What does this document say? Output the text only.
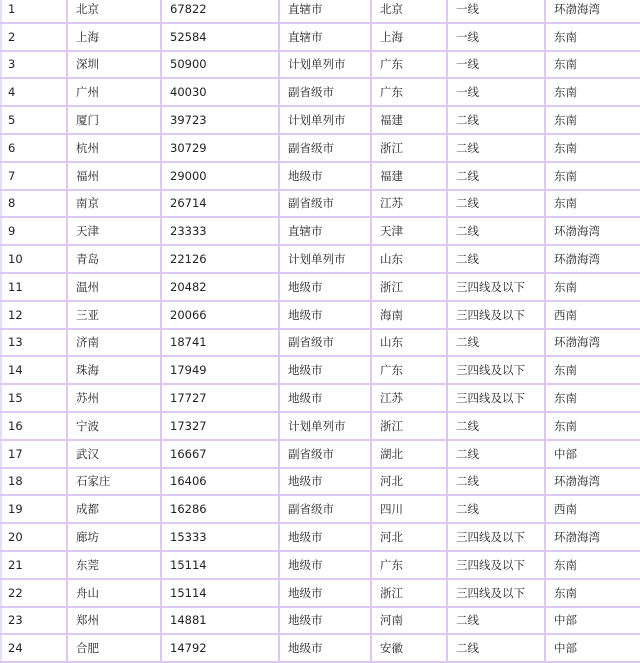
1	北京	67822	直辖市	北京	一线	环渤海湾
2	上海	52584	直辖市	上海	一线	东南
3	深圳	50900	计划单列市	广东	一线	东南
4	广州	40030	副省级市	广东	一线	东南
5	厦门	39723	计划单列市	福建	二线	东南
6	杭州	30729	副省级市	浙江	二线	东南
7	福州	29000	地级市	福建	二线	东南
8	南京	26714	副省级市	江苏	二线	东南
9	天津	23333	直辖市	天津	二线	环渤海湾
10	青岛	22126	计划单列市	山东	二线	环渤海湾
11	温州	20482	地级市	浙江	三四线及以下	东南
12	三亚	20066	地级市	海南	三四线及以下	西南
13	济南	18741	副省级市	山东	二线	环渤海湾
14	珠海	17949	地级市	广东	三四线及以下	东南
15	苏州	17727	地级市	江苏	三四线及以下	东南
16	宁波	17327	计划单列市	浙江	二线	东南
17	武汉	16667	副省级市	湖北	二线	中部
18	石家庄	16406	地级市	河北	二线	环渤海湾
19	成都	16286	副省级市	四川	二线	西南
20	廊坊	15333	地级市	河北	三四线及以下	环渤海湾
21	东莞	15114	地级市	广东	三四线及以下	东南
22	舟山	15114	地级市	浙江	三四线及以下	东南
23	郑州	14881	地级市	河南	二线	中部
24	合肥	14792	地级市	安徽	二线	中部
